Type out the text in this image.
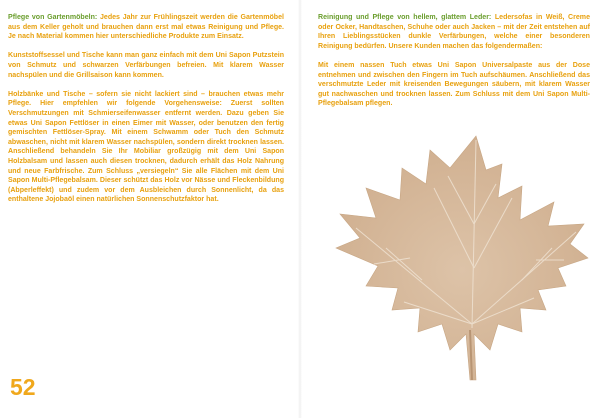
Pflege von Gartenmöbeln: Jedes Jahr zur Frühlingszeit werden die Gartenmöbel aus dem Keller geholt und brauchen dann erst mal etwas Reinigung und Pflege. Je nach Material kommen hier unterschiedliche Produkte zum Einsatz.

Kunststoffsessel und Tische kann man ganz einfach mit dem Uni Sapon Putzstein von Schmutz und schwarzen Verfärbungen befreien. Mit klarem Wasser nachspülen und die Grillsaison kann kommen.

Holzbänke und Tische – sofern sie nicht lackiert sind – brauchen etwas mehr Pflege. Hier empfehlen wir folgende Vorgehensweise: Zuerst sollten Verschmutzungen mit Schmierseifenwasser entfernt werden. Dazu geben Sie etwas Uni Sapon Fettlöser in einen Eimer mit Wasser, oder benutzen den fertig gemischten Fettlöser-Spray. Mit einem Schwamm oder Tuch den Schmutz abwaschen, nicht mit klarem Wasser nachspülen, sondern direkt trocknen lassen. Anschließend behandeln Sie Ihr Mobiliar großzügig mit dem Uni Sapon Holzbalsam und lassen auch diesen trocknen, dadurch erhält das Holz Nahrung und neue Farbfrische. Zum Schluss „versiegeln“ Sie alle Flächen mit dem Uni Sapon Multi-Pflegebalsam. Dieser schützt das Holz vor Nässe und Fleckenbildung (Abperleffekt) und zudem vor dem Ausbleichen durch Sonnenlicht, da das enthaltene Jojobaöl einen natürlichen Sonnenschutzfaktor hat.

Reinigung und Pflege von hellem, glattem Leder: Ledersofas in Weiß, Creme oder Ocker, Handtaschen, Schuhe oder auch Jacken – mit der Zeit entstehen auf Ihren Lieblingsstücken dunkle Verfärbungen, welche einer besonderen Reinigung bedürfen. Unsere Kunden machen das folgendermaßen:

Mit einem nassen Tuch etwas Uni Sapon Universalpaste aus der Dose entnehmen und zwischen den Fingern im Tuch aufschäumen. Anschließend das verschmutzte Leder mit kreisenden Bewegungen säubern, mit klarem Wasser gut nachwaschen und trocknen lassen. Zum Schluss mit dem Uni Sapon Multi-Pflegebalsam pflegen.

52
